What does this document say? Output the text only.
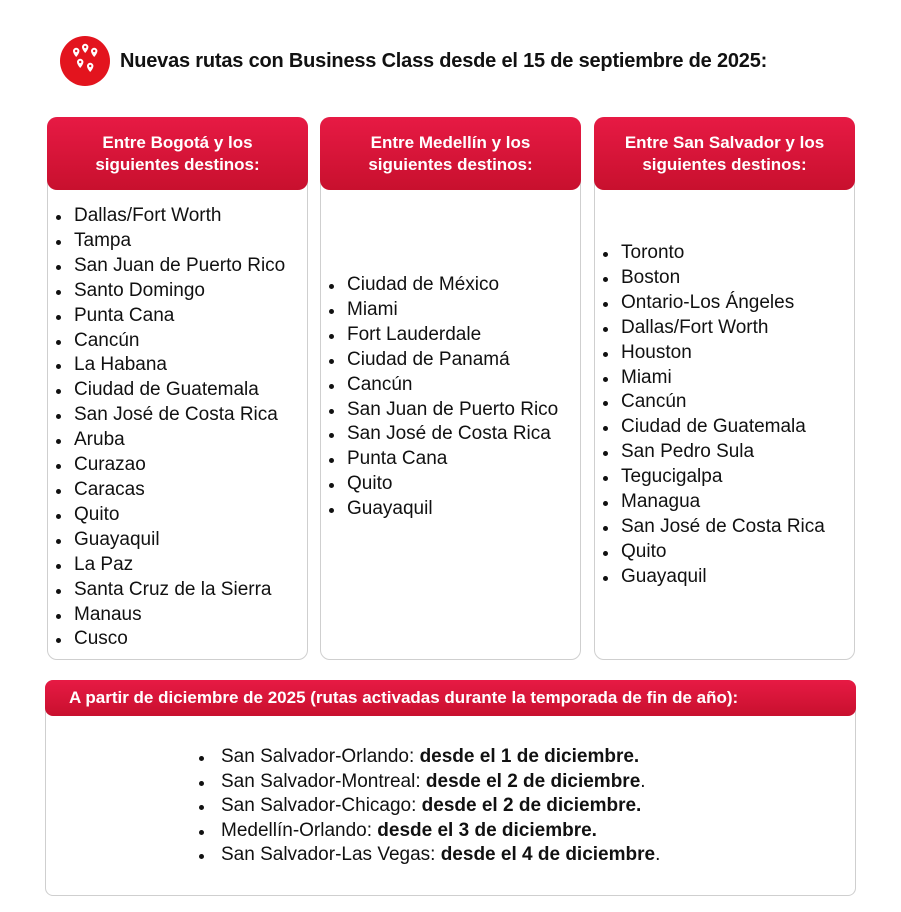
Nuevas rutas con Business Class desde el 15 de septiembre de 2025:
Entre Bogotá y los siguientes destinos:
Dallas/Fort Worth
Tampa
San Juan de Puerto Rico
Santo Domingo
Punta Cana
Cancún
La Habana
Ciudad de Guatemala
San José de Costa Rica
Aruba
Curazao
Caracas
Quito
Guayaquil
La Paz
Santa Cruz de la Sierra
Manaus
Cusco
Entre Medellín y los siguientes destinos:
Ciudad de México
Miami
Fort Lauderdale
Ciudad de Panamá
Cancún
San Juan de Puerto Rico
San José de Costa Rica
Punta Cana
Quito
Guayaquil
Entre San Salvador y los siguientes destinos:
Toronto
Boston
Ontario-Los Ángeles
Dallas/Fort Worth
Houston
Miami
Cancún
Ciudad de Guatemala
San Pedro Sula
Tegucigalpa
Managua
San José de Costa Rica
Quito
Guayaquil
A partir de diciembre de 2025 (rutas activadas durante la temporada de fin de año):
San Salvador-Orlando: desde el 1 de diciembre.
San Salvador-Montreal: desde el 2 de diciembre.
San Salvador-Chicago: desde el 2 de diciembre.
Medellín-Orlando: desde el 3 de diciembre.
San Salvador-Las Vegas: desde el 4 de diciembre.
